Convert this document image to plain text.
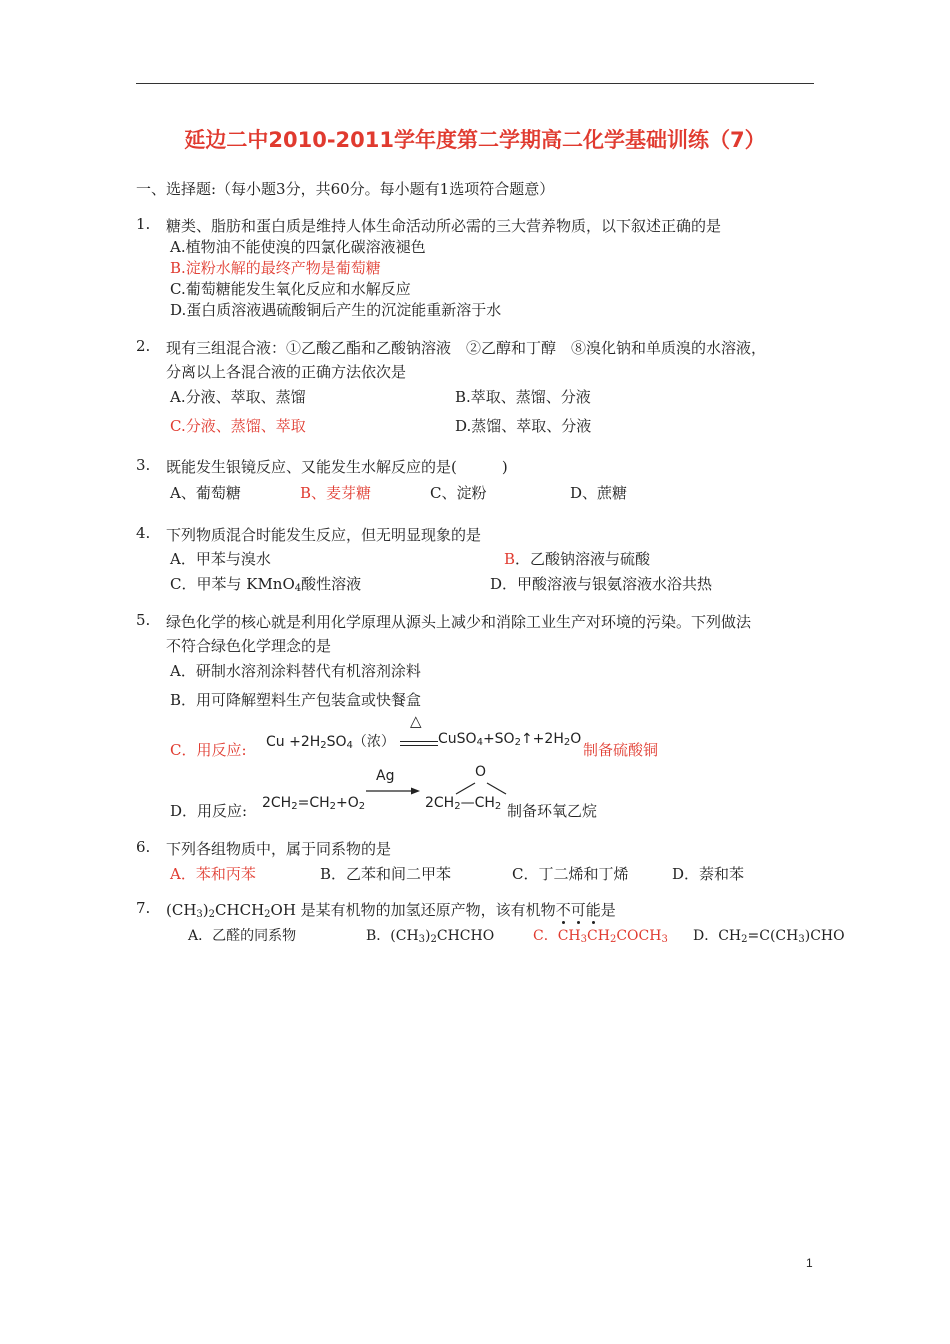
延边二中2010-2011学年度第二学期高二化学基础训练（7）
一、选择题:（每小题3分，共60分。每小题有1选项符合题意）
1. 糖类、脂肪和蛋白质是维持人体生命活动所必需的三大营养物质，以下叙述正确的是
A.植物油不能使溴的四氯化碳溶液褪色
B.淀粉水解的最终产物是葡萄糖
C.葡萄糖能发生氧化反应和水解反应
D.蛋白质溶液遇硫酸铜后产生的沉淀能重新溶于水
2. 现有三组混合液：①乙酸乙酯和乙酸钠溶液　②乙醇和丁醇　⑧溴化钠和单质溴的水溶液，
分离以上各混合液的正确方法依次是
A.分液、萃取、蒸馏	B.萃取、蒸馏、分液
C.分液、蒸馏、萃取	D.蒸馏、萃取、分液
3. 既能发生银镜反应、又能发生水解反应的是(　　　)
A、葡萄糖	B、麦芽糖	C、淀粉	D、蔗糖
4. 下列物质混合时能发生反应，但无明显现象的是
A．甲苯与溴水	B．乙酸钠溶液与硫酸
C．甲苯与 KMnO$_4$酸性溶液	D．甲酸溶液与银氨溶液水浴共热
5. 绿色化学的核心就是利用化学原理从源头上减少和消除工业生产对环境的污染。下列做法
不符合绿色化学理念的是
A．研制水溶剂涂料替代有机溶剂涂料
B．用可降解塑料生产包装盒或快餐盒
C．用反应: $Cu +2H_2SO_4$（浓）
△
$CuSO_4+SO_2↑+2H_2O$
制备硫酸铜
D．用反应: $2CH_2=CH_2+O_2$
Ag	O
$2CH_2—CH_2$ 制备环氧乙烷
6. 下列各组物质中，属于同系物的是
A．苯和丙苯	B．乙苯和间二甲苯	C．丁二烯和丁烯	D．萘和苯
7. $(CH_3)_2CHCH_2OH$ 是某有机物的加氢还原产物，该有机物不可能是
A．乙醛的同系物	B．$(CH_3)_2CHCHO$	C．$CH_3CH_2COCH_3$ D．$CH_2=C(CH_3)CHO$
1
